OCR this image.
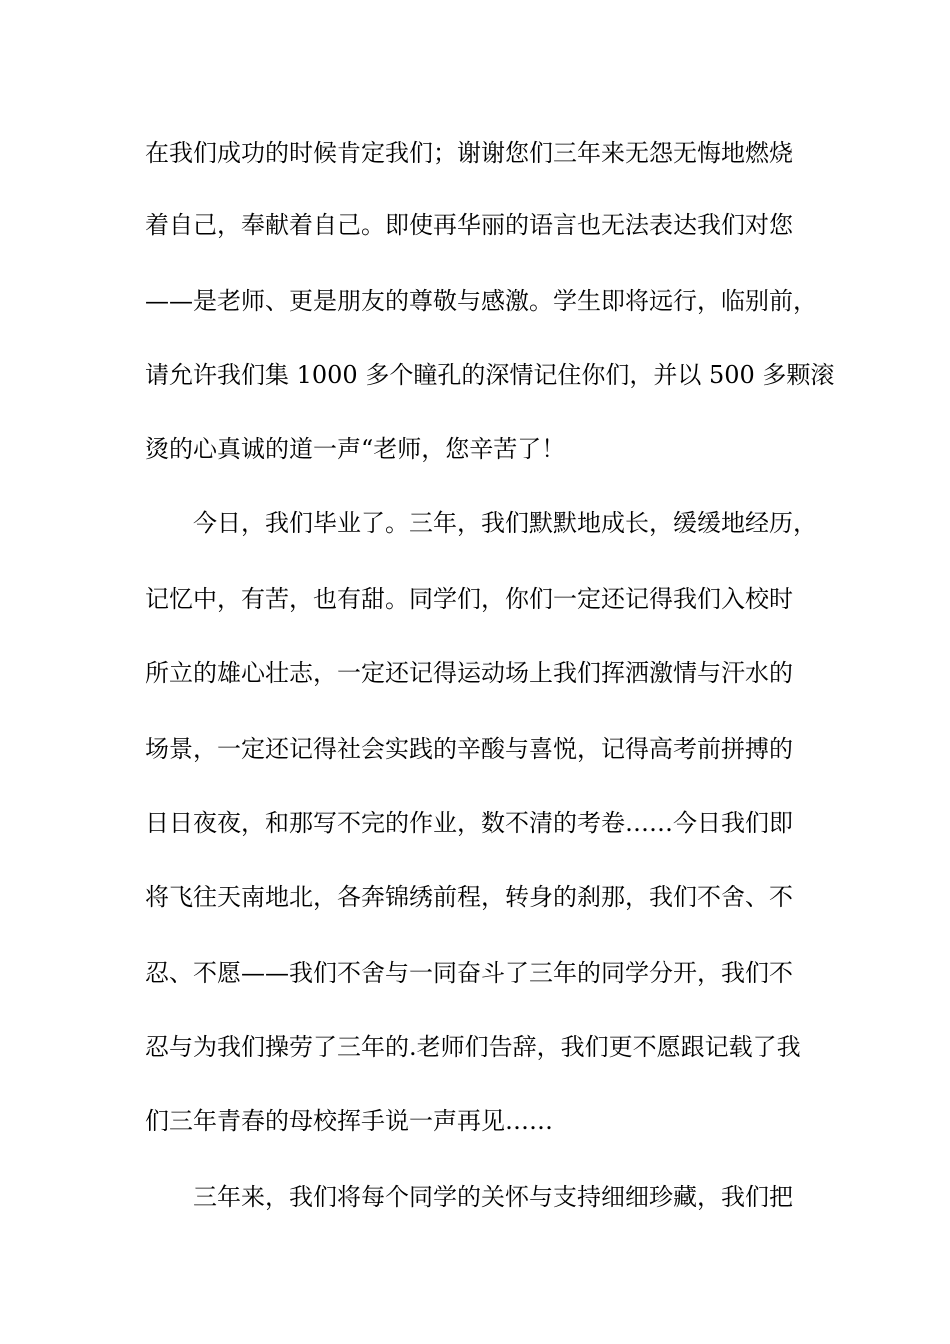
在我们成功的时候肯定我们；谢谢您们三年来无怨无悔地燃烧
着自己，奉献着自己。即使再华丽的语言也无法表达我们对您
——是老师、更是朋友的尊敬与感激。学生即将远行，临别前，
请允许我们集 1000 多个瞳孔的深情记住你们，并以 500 多颗滚
烫的心真诚的道一声“老师，您辛苦了！
今日，我们毕业了。三年，我们默默地成长，缓缓地经历，
记忆中，有苦，也有甜。同学们，你们一定还记得我们入校时
所立的雄心壮志，一定还记得运动场上我们挥洒激情与汗水的
场景，一定还记得社会实践的辛酸与喜悦，记得高考前拼搏的
日日夜夜，和那写不完的作业，数不清的考卷……今日我们即
将飞往天南地北，各奔锦绣前程，转身的刹那，我们不舍、不
忍、不愿——我们不舍与一同奋斗了三年的同学分开，我们不
忍与为我们操劳了三年的.老师们告辞，我们更不愿跟记载了我
们三年青春的母校挥手说一声再见……
三年来，我们将每个同学的关怀与支持细细珍藏，我们把
